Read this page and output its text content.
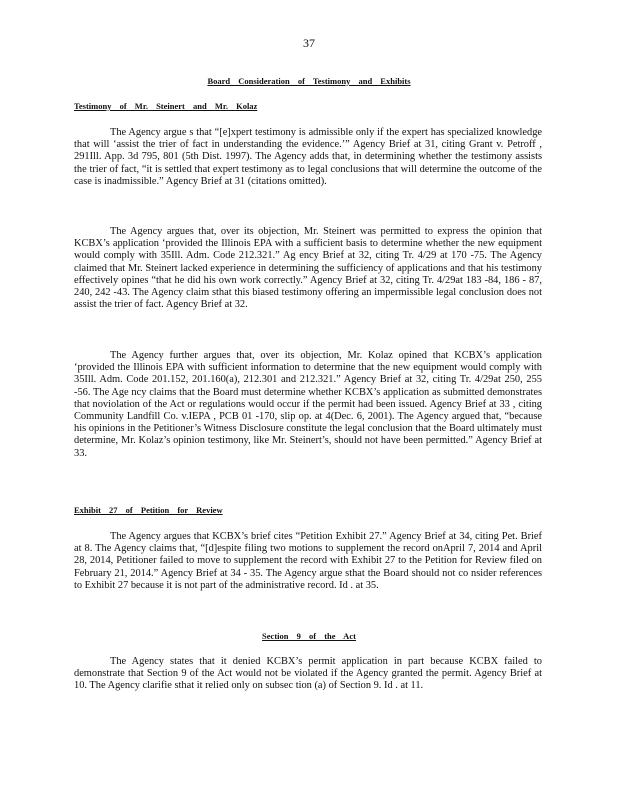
37
Board Consideration of Testimony and Exhibits
Testimony of Mr. Steinert and Mr. Kolaz
The Agency argue s that “[e]xpert testimony is admissible only if the expert has specialized knowledge that will ‘assist the trier of fact in understanding the evidence.’” Agency Brief at 31, citing Grant v. Petroff , 291Ill. App. 3d 795, 801 (5th Dist. 1997). The Agency adds that, in determining whether the testimony assists the trier of fact, “it is settled that expert testimony as to legal conclusions that will determine the outcome of the case is inadmissible.” Agency Brief at 31 (citations omitted).
The Agency argues that, over its objection, Mr. Steinert was permitted to express the opinion that KCBX’s application ‘provided the Illinois EPA with a sufficient basis to determine whether the new equipment would comply with 35Ill. Adm. Code 212.321.” Ag ency Brief at 32, citing Tr. 4/29 at 170 -75. The Agency claimed that Mr. Steinert lacked experience in determining the sufficiency of applications and that his testimony effectively opines “that he did his own work correctly.” Agency Brief at 32, citing Tr. 4/29at 183 -84, 186 - 87, 240, 242 -43. The Agency claim sthat this biased testimony offering an impermissible legal conclusion does not assist the trier of fact. Agency Brief at 32.
The Agency further argues that, over its objection, Mr. Kolaz opined that KCBX’s application ‘provided the Illinois EPA with sufficient information to determine that the new equipment would comply with 35Ill. Adm. Code 201.152, 201.160(a), 212.301 and 212.321.” Agency Brief at 32, citing Tr. 4/29at 250, 255 -56. The Age ncy claims that the Board must determine whether KCBX’s application as submitted demonstrates that noviolation of the Act or regulations would occur if the permit had been issued. Agency Brief at 33 , citing Community Landfill Co. v.IEPA , PCB 01 -170, slip op. at 4(Dec. 6, 2001). The Agency argued that, “because his opinions in the Petitioner’s Witness Disclosure constitute the legal conclusion that the Board ultimately must determine, Mr. Kolaz’s opinion testimony, like Mr. Steinert’s, should not have been permitted.” Agency Brief at 33.
Exhibit 27 of Petition for Review
The Agency argues that KCBX’s brief cites “Petition Exhibit 27.” Agency Brief at 34, citing Pet. Brief at 8. The Agency claims that, “[d]espite filing two motions to supplement the record onApril 7, 2014 and April 28, 2014, Petitioner failed to move to supplement the record with Exhibit 27 to the Petition for Review filed on February 21, 2014.” Agency Brief at 34 - 35. The Agency argue sthat the Board should not co nsider references to Exhibit 27 because it is not part of the administrative record. Id . at 35.
Section 9 of the Act
The Agency states that it denied KCBX’s permit application in part because KCBX failed to demonstrate that Section 9 of the Act would not be violated if the Agency granted the permit. Agency Brief at 10. The Agency clarifie sthat it relied only on subsec tion (a) of Section 9. Id . at 11.
